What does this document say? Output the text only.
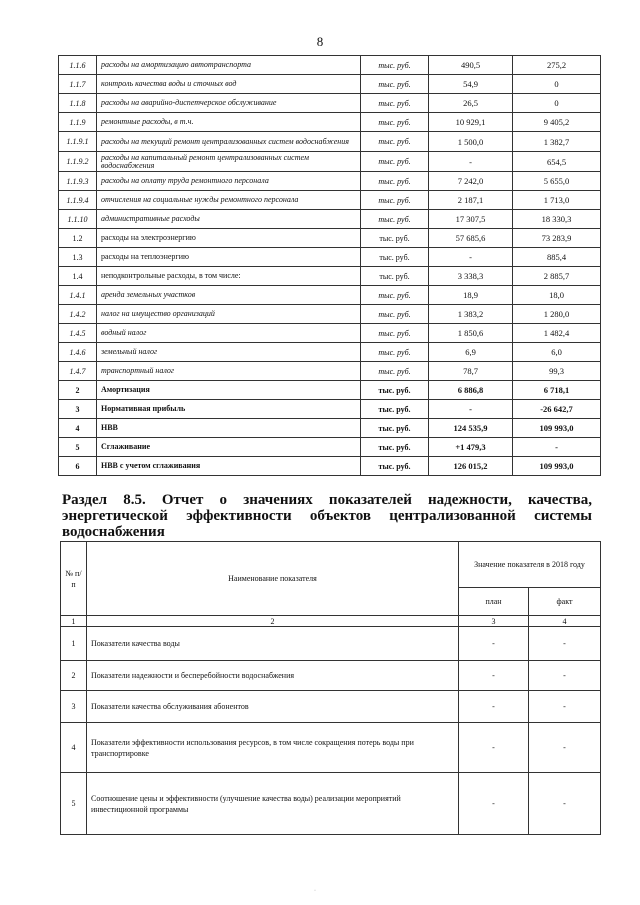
8
1.1.6	расходы на амортизацию автотранспорта	тыс. руб.	490,5	275,2
1.1.7	контроль качества воды и сточных вод	тыс. руб.	54,9	0
1.1.8	расходы на аварийно-диспетчерское обслуживание	тыс. руб.	26,5	0
1.1.9	ремонтные расходы, в т.ч.	тыс. руб.	10 929,1	9 405,2
1.1.9.1	расходы на текущий ремонт централизованных систем водоснабжения	тыс. руб.	1 500,0	1 382,7
1.1.9.2	расходы на капитальный ремонт централизованных систем водоснабжения	тыс. руб.	-	654,5
1.1.9.3	расходы на оплату труда ремонтного персонала	тыс. руб.	7 242,0	5 655,0
1.1.9.4	отчисления на социальные нужды ремонтного персонала	тыс. руб.	2 187,1	1 713,0
1.1.10	административные расходы	тыс. руб.	17 307,5	18 330,3
1.2	расходы на электроэнергию	тыс. руб.	57 685,6	73 283,9
1.3	расходы на теплоэнергию	тыс. руб.	-	885,4
1.4	неподконтрольные расходы, в том числе:	тыс. руб.	3 338,3	2 885,7
1.4.1	аренда земельных участков	тыс. руб.	18,9	18,0
1.4.2	налог на имущество организаций	тыс. руб.	1 383,2	1 280,0
1.4.5	водный налог	тыс. руб.	1 850,6	1 482,4
1.4.6	земельный налог	тыс. руб.	6,9	6,0
1.4.7	транспортный налог	тыс. руб.	78,7	99,3
2	Амортизация	тыс. руб.	6 886,8	6 718,1
3	Нормативная прибыль	тыс. руб.	-	-26 642,7
4	НВВ	тыс. руб.	124 535,9	109 993,0
5	Сглаживание	тыс. руб.	+1 479,3	-
6	НВВ с учетом сглаживания	тыс. руб.	126 015,2	109 993,0
Раздел 8.5. Отчет о значениях показателей надежности, качества,
энергетической эффективности объектов централизованной системы
водоснабжения
№ п/п	Наименование показателя	Значение показателя в 2018 году	
		план	факт
1	2	3	4
1	Показатели качества воды	-	-
2	Показатели надежности и бесперебойности водоснабжения	-	-
3	Показатели качества обслуживания абонентов	-	-
4	Показатели эффективности использования ресурсов, в том числе сокращения потерь воды при транспортировке	-	-
5	Соотношение цены и эффективности (улучшение качества воды) реализации мероприятий инвестиционной программы	-	-
·
